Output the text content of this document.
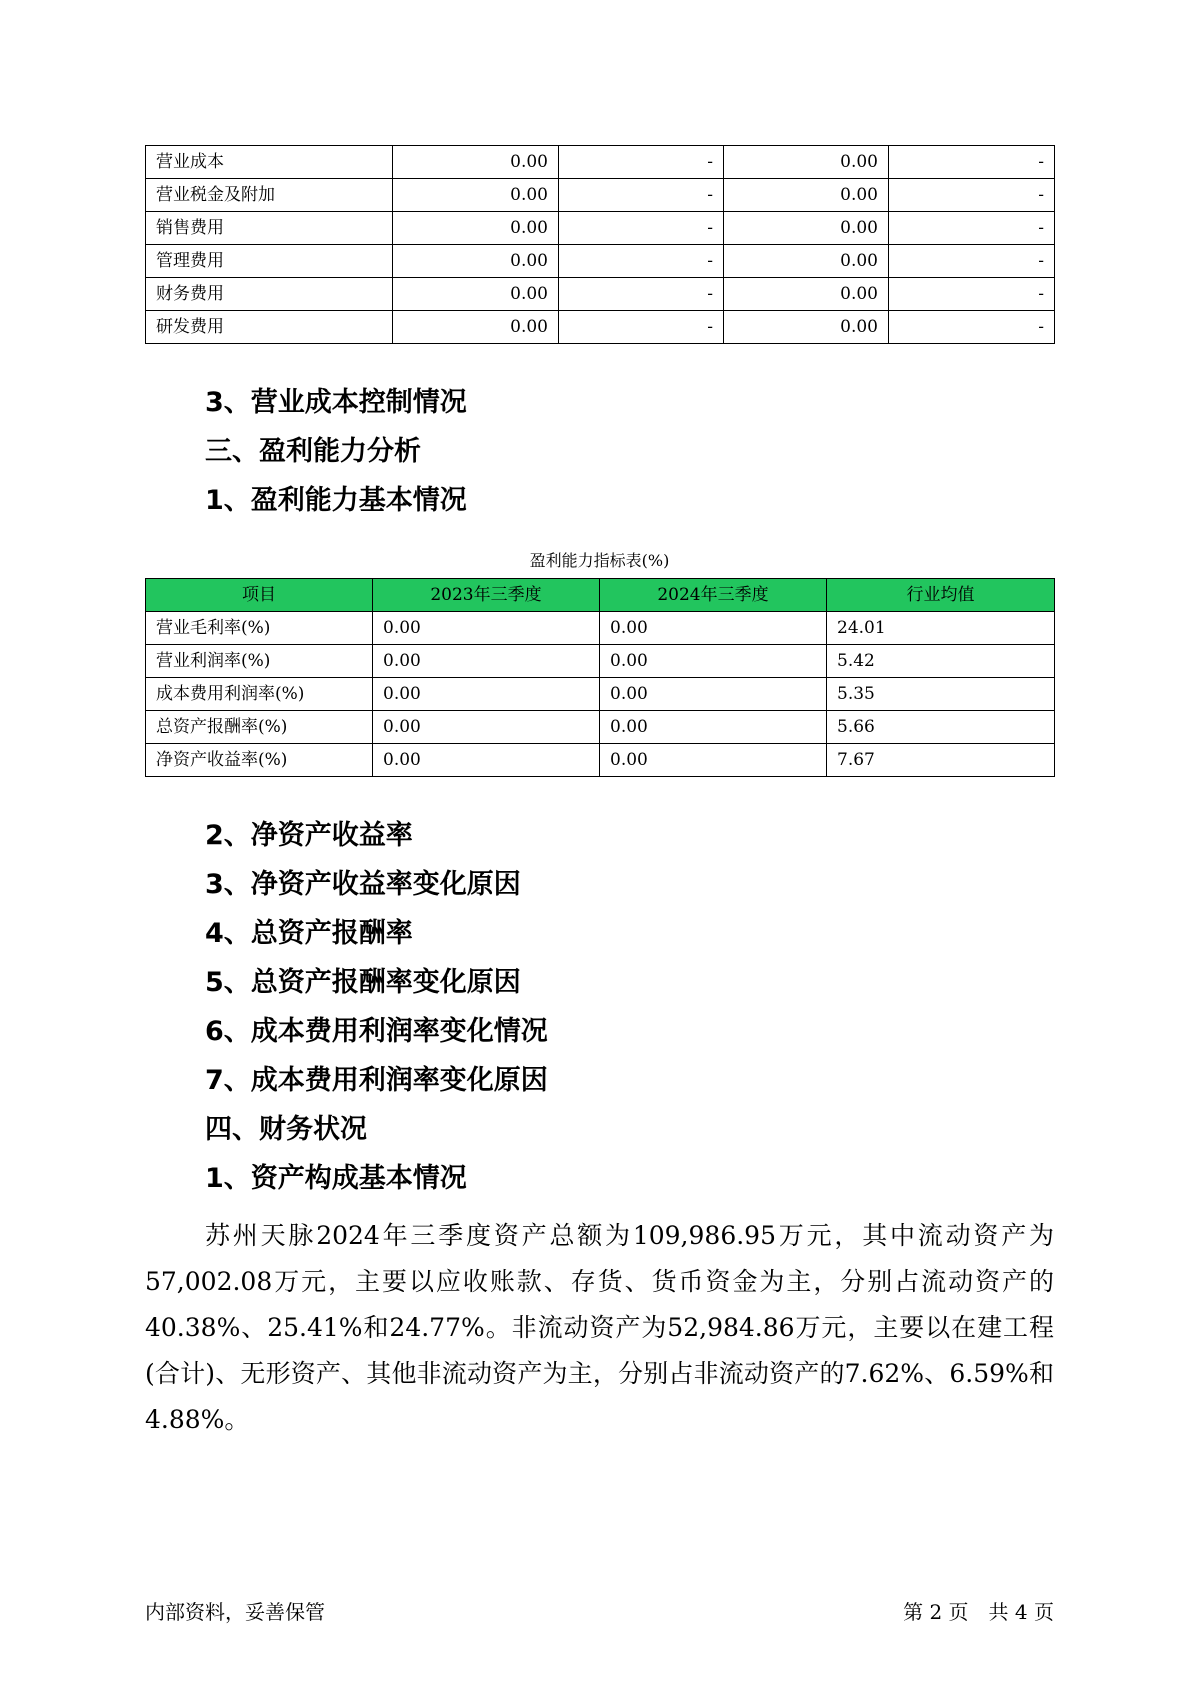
营业成本	0.00	-	0.00	-
营业税金及附加	0.00	-	0.00	-
销售费用	0.00	-	0.00	-
管理费用	0.00	-	0.00	-
财务费用	0.00	-	0.00	-
研发费用	0.00	-	0.00	-
3、营业成本控制情况
三、盈利能力分析
1、盈利能力基本情况
盈利能力指标表(%)
项目	2023年三季度	2024年三季度	行业均值
营业毛利率(%)	0.00	0.00	24.01
营业利润率(%)	0.00	0.00	5.42
成本费用利润率(%)	0.00	0.00	5.35
总资产报酬率(%)	0.00	0.00	5.66
净资产收益率(%)	0.00	0.00	7.67
2、净资产收益率
3、净资产收益率变化原因
4、总资产报酬率
5、总资产报酬率变化原因
6、成本费用利润率变化情况
7、成本费用利润率变化原因
四、财务状况
1、资产构成基本情况

苏州天脉2024年三季度资产总额为109,986.95万元，其中流动资产为57,002.08万元，主要以应收账款、存货、货币资金为主，分别占流动资产的40.38%、25.41%和24.77%。非流动资产为52,984.86万元，主要以在建工程(合计)、无形资产、其他非流动资产为主，分别占非流动资产的7.62%、6.59%和4.88%。

内部资料，妥善保管	第 2 页　共 4 页
